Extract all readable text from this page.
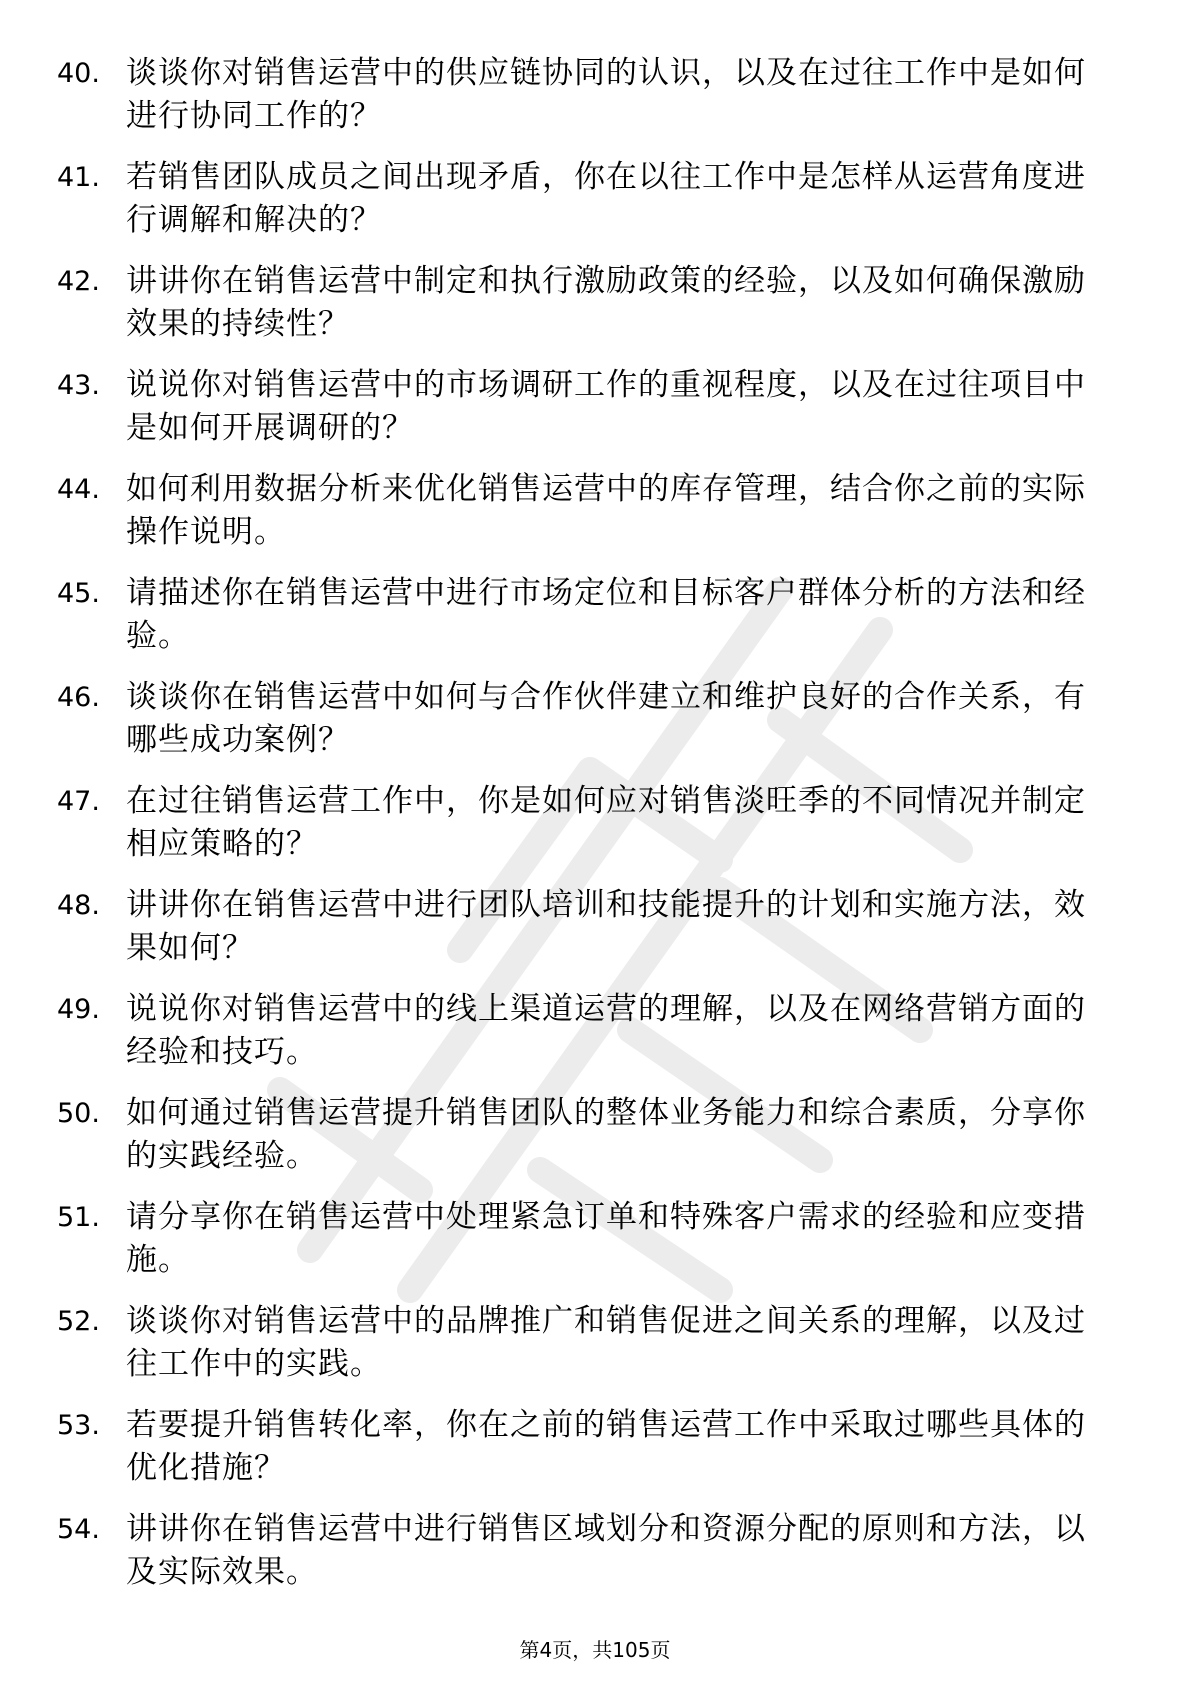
40. 谈谈你对销售运营中的供应链协同的认识，以及在过往工作中是如何进行协同工作的？
41. 若销售团队成员之间出现矛盾，你在以往工作中是怎样从运营角度进行调解和解决的？
42. 讲讲你在销售运营中制定和执行激励政策的经验，以及如何确保激励效果的持续性？
43. 说说你对销售运营中的市场调研工作的重视程度，以及在过往项目中是如何开展调研的？
44. 如何利用数据分析来优化销售运营中的库存管理，结合你之前的实际操作说明。
45. 请描述你在销售运营中进行市场定位和目标客户群体分析的方法和经验。
46. 谈谈你在销售运营中如何与合作伙伴建立和维护良好的合作关系，有哪些成功案例？
47. 在过往销售运营工作中，你是如何应对销售淡旺季的不同情况并制定相应策略的？
48. 讲讲你在销售运营中进行团队培训和技能提升的计划和实施方法，效果如何？
49. 说说你对销售运营中的线上渠道运营的理解，以及在网络营销方面的经验和技巧。
50. 如何通过销售运营提升销售团队的整体业务能力和综合素质，分享你的实践经验。
51. 请分享你在销售运营中处理紧急订单和特殊客户需求的经验和应变措施。
52. 谈谈你对销售运营中的品牌推广和销售促进之间关系的理解，以及过往工作中的实践。
53. 若要提升销售转化率，你在之前的销售运营工作中采取过哪些具体的优化措施？
54. 讲讲你在销售运营中进行销售区域划分和资源分配的原则和方法，以及实际效果。
第4页，共105页
